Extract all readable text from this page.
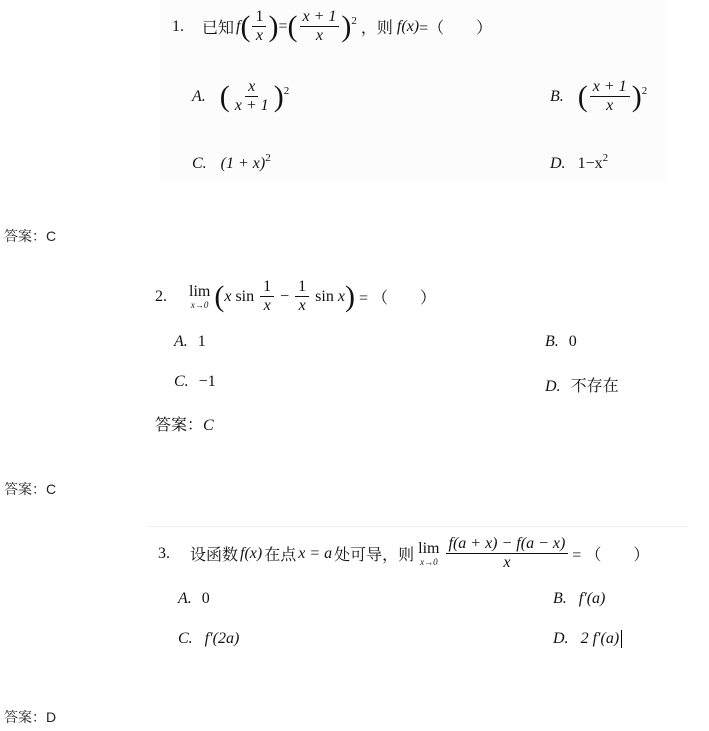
1. 已知 f ( $\frac{1}{x}$ ) = ( $\frac{x + 1}{x}$ ) 2 ，则 f(x) =（　　）
A. ( $\frac{x}{x + 1}$ ) 2	B. ( $\frac{x + 1}{x}$ ) 2
C. (1 + x) 2	D. 1−x 2
答案：C
2. lim
x→0 ( x $\sin \frac{1}{x} - \frac{1}{x}$ sin x ) = （　　）
A. 1	B. 0
C. −1	D. 不存在
答案：C
答案：C
3. 设函数 f(x) 在点 x = a 处可导，则 lim
$x\to 0 \frac{f(a + x) - f(a - x)}{x}$ = （　　）
A. 0	B. f′(a)
C. f′(2a)	D. 2 f′(a)
答案：D
